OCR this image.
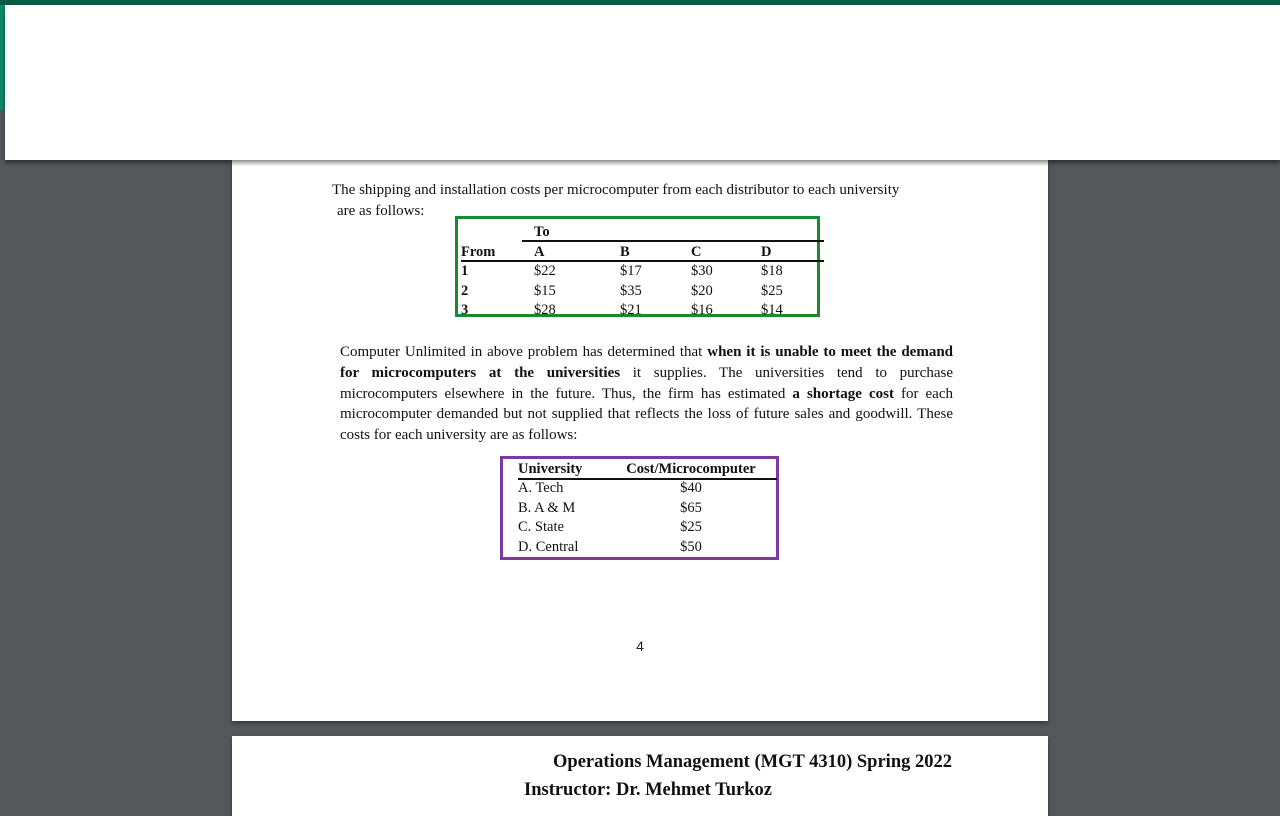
The shipping and installation costs per microcomputer from each distributor to each university
are as follows:

	To			
From	A	B	C	D
1	$22	$17	$30	$18
2	$15	$35	$20	$25
3	$28	$21	$16	$14

Computer Unlimited in above problem has determined that when it is unable to meet the demand for microcomputers at the universities it supplies. The universities tend to purchase microcomputers elsewhere in the future. Thus, the firm has estimated a shortage cost for each microcomputer demanded but not supplied that reflects the loss of future sales and goodwill. These costs for each university are as follows:

University	Cost/Microcomputer
A. Tech	$40
B. A & M	$65
C. State	$25
D. Central	$50
4

Operations Management (MGT 4310) Spring 2022

Instructor: Dr. Mehmet Turkoz
